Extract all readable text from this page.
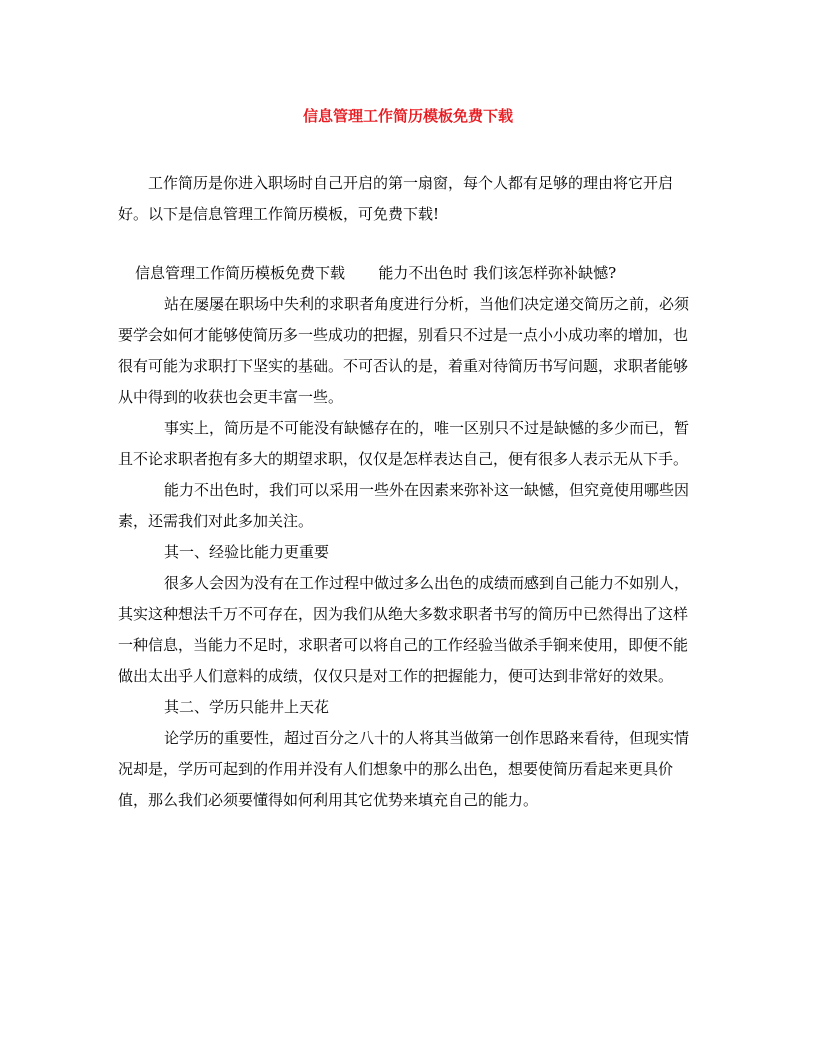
信息管理工作简历模板免费下载

工作简历是你进入职场时自己开启的第一扇窗，每个人都有足够的理由将它开启好。以下是信息管理工作简历模板，可免费下载!

信息管理工作简历模板免费下载 能力不出色时 我们该怎样弥补缺憾?

站在屡屡在职场中失利的求职者角度进行分析，当他们决定递交简历之前，必须要学会如何才能够使简历多一些成功的把握，别看只不过是一点小小成功率的增加，也很有可能为求职打下坚实的基础。不可否认的是，着重对待简历书写问题，求职者能够从中得到的收获也会更丰富一些。

事实上，简历是不可能没有缺憾存在的，唯一区别只不过是缺憾的多少而已，暂且不论求职者抱有多大的期望求职，仅仅是怎样表达自己，便有很多人表示无从下手。

能力不出色时，我们可以采用一些外在因素来弥补这一缺憾，但究竟使用哪些因素，还需我们对此多加关注。

其一、经验比能力更重要

很多人会因为没有在工作过程中做过多么出色的成绩而感到自己能力不如别人，其实这种想法千万不可存在，因为我们从绝大多数求职者书写的简历中已然得出了这样一种信息，当能力不足时，求职者可以将自己的工作经验当做杀手锏来使用，即便不能做出太出乎人们意料的成绩，仅仅只是对工作的把握能力，便可达到非常好的效果。

其二、学历只能井上天花

论学历的重要性，超过百分之八十的人将其当做第一创作思路来看待，但现实情况却是，学历可起到的作用并没有人们想象中的那么出色，想要使简历看起来更具价值，那么我们必须要懂得如何利用其它优势来填充自己的能力。
